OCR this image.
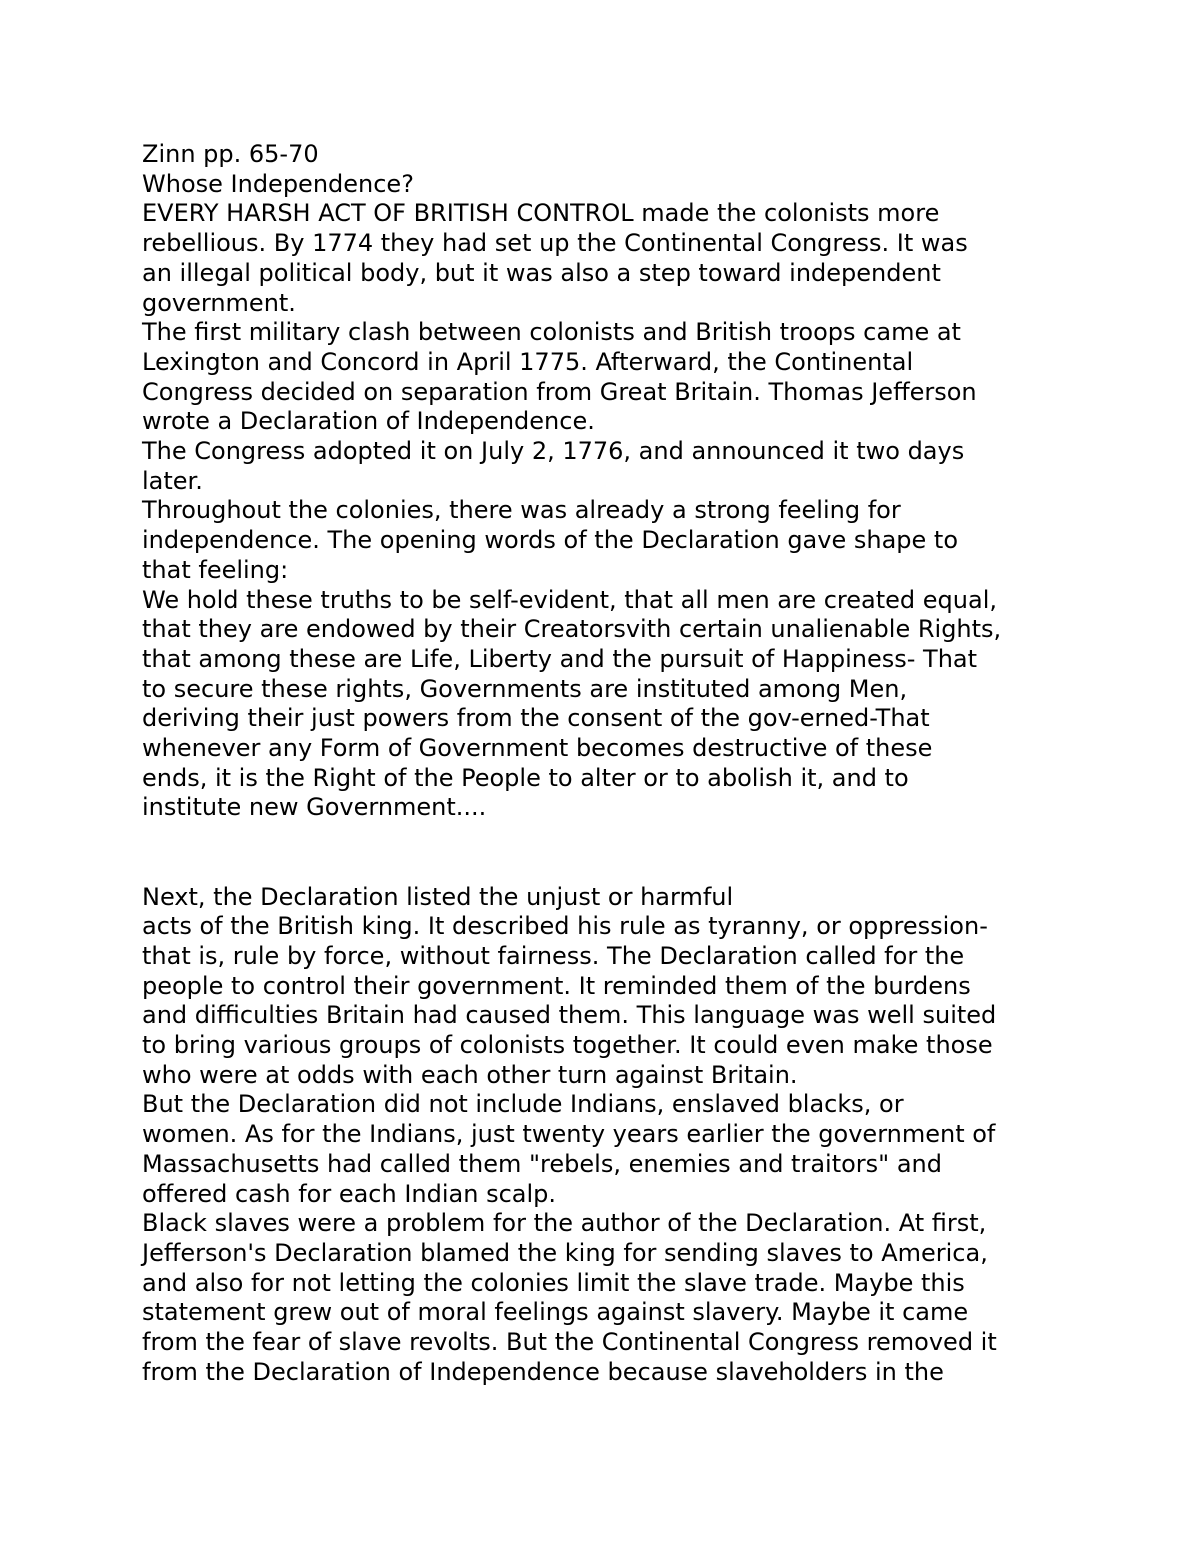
Zinn pp. 65-70

Whose Independence?

EVERY HARSH ACT OF BRITISH CONTROL made the colonists more
rebellious. By 1774 they had set up the Continental Congress. It was
an illegal political body, but it was also a step toward independent
government.

The first military clash between colonists and British troops came at
Lexington and Concord in April 1775. Afterward, the Continental
Congress decided on separation from Great Britain. Thomas Jefferson
wrote a Declaration of Independence.

The Congress adopted it on July 2, 1776, and announced it two days
later.

Throughout the colonies, there was already a strong feeling for
independence. The opening words of the Declaration gave shape to
that feeling:

We hold these truths to be self-evident, that all men are created equal,
that they are endowed by their Creatorsvith certain unalienable Rights,
that among these are Life, Liberty and the pursuit of Happiness- That
to secure these rights, Governments are instituted among Men,
deriving their just powers from the consent of the gov-erned-That
whenever any Form of Government becomes destructive of these
ends, it is the Right of the People to alter or to abolish it, and to
institute new Government....

Next, the Declaration listed the unjust or harmful
acts of the British king. It described his rule as tyranny, or oppression-
that is, rule by force, without fairness. The Declaration called for the
people to control their government. It reminded them of the burdens
and difficulties Britain had caused them. This language was well suited
to bring various groups of colonists together. It could even make those
who were at odds with each other turn against Britain.

But the Declaration did not include Indians, enslaved blacks, or
women. As for the Indians, just twenty years earlier the government of
Massachusetts had called them "rebels, enemies and traitors" and
offered cash for each Indian scalp.

Black slaves were a problem for the author of the Declaration. At first,
Jefferson's Declaration blamed the king for sending slaves to America,
and also for not letting the colonies limit the slave trade. Maybe this
statement grew out of moral feelings against slavery. Maybe it came
from the fear of slave revolts. But the Continental Congress removed it
from the Declaration of Independence because slaveholders in the
